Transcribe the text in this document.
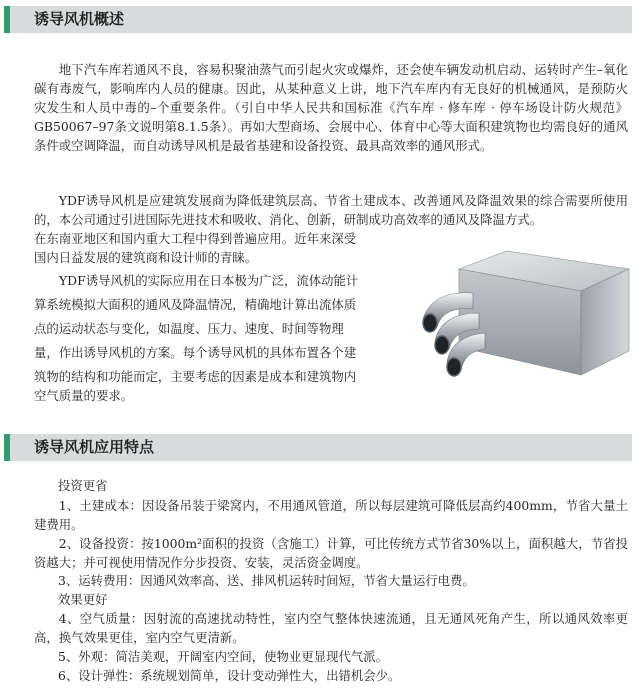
诱导风机概述

地下汽车库若通风不良，容易积聚油蒸气而引起火灾或爆炸，还会使车辆发动机启动、运转时产生–氧化碳有毒废气，影响库内人员的健康。因此，从某种意义上讲，地下汽车库内有无良好的机械通风，是预防火灾发生和人员中毒的–个重要条件。（引自中华人民共和国标准《汽车库 · 修车库 · 停车场设计防火规范》GB50067–97条文说明第8.1.5条）。再如大型商场、会展中心、体育中心等大面积建筑物也均需良好的通风条件或空调降温，而自动诱导风机是最省基建和设备投资、最具高效率的通风形式。

YDF诱导风机是应建筑发展商为降低建筑层高、节省土建成本、改善通风及降温效果的综合需要所使用的，本公司通过引进国际先进技术和吸收、消化、创新，研制成功高效率的通风及降温方式。

在东南亚地区和国内重大工程中得到普遍应用。近年来深受
国内日益发展的建筑商和设计师的青睐。
YDF诱导风机的实际应用在日本极为广泛，流体动能计
算系统模拟大面积的通风及降温情况，精确地计算出流体质
点的运动状态与变化，如温度、压力、速度、时间等物理
量，作出诱导风机的方案。每个诱导风机的具体布置各个建
筑物的结构和功能而定，主要考虑的因素是成本和建筑物内
空气质量的要求。
诱导风机应用特点
投资更省

1、土建成本：因设备吊装于梁窝内，不用通风管道，所以每层建筑可降低层高约400mm，节省大量土建费用。

2、设备投资：按1000m²面积的投资（含施工）计算，可比传统方式节省30%以上，面积越大，节省投资越大；并可视使用情况作分步投资、安装，灵活资金调度。

3、运转费用：因通风效率高、送、排风机运转时间短，节省大量运行电费。
效果更好

4、空气质量：因射流的高速扰动特性，室内空气整体快速流通，且无通风死角产生，所以通风效率更高，换气效果更佳，室内空气更清新。

5、外观：简洁美观，开阔室内空间，使物业更显现代气派。
6、设计弹性：系统规划简单，设计变动弹性大，出错机会少。
